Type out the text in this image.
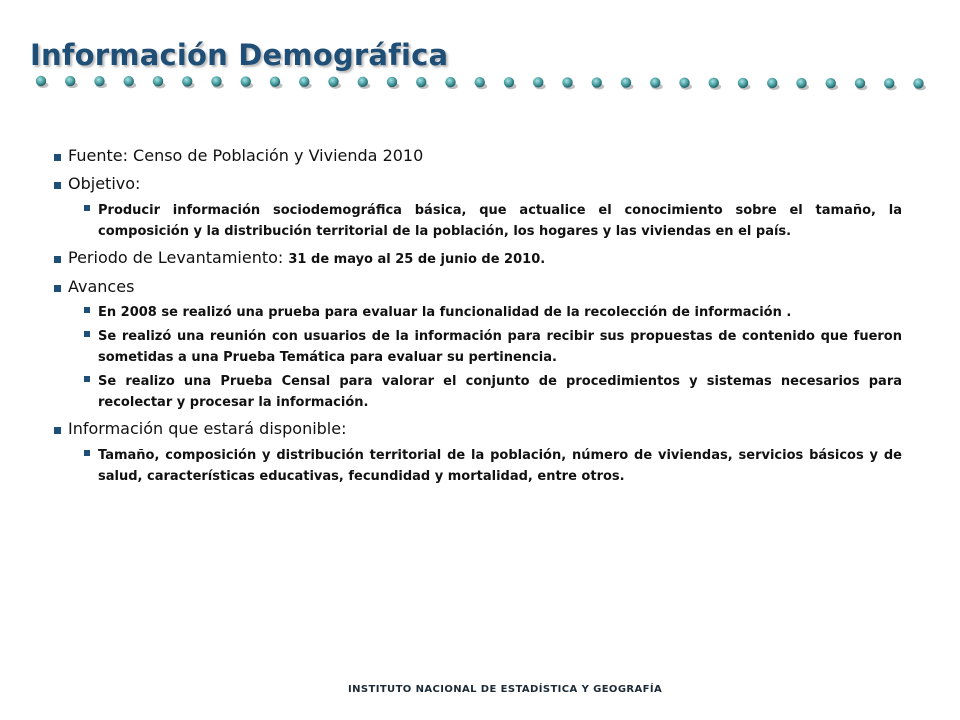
Información Demográfica
Fuente: Censo de Población y Vivienda 2010
Objetivo:
Producir información sociodemográfica básica, que actualice el conocimiento sobre el tamaño, la composición y la distribución territorial de la población, los hogares y las viviendas en el país.
Periodo de Levantamiento: 31 de mayo al 25 de junio de 2010.
Avances
En 2008 se realizó una prueba para evaluar la funcionalidad de la recolección de información .
Se realizó una reunión con usuarios de la información para recibir sus propuestas de contenido que fueron sometidas a una Prueba Temática para evaluar su pertinencia.
Se realizo una Prueba Censal para valorar el conjunto de procedimientos y sistemas necesarios para recolectar y procesar la información.
Información que estará disponible:
Tamaño, composición y distribución territorial de la población, número de viviendas, servicios básicos y de salud, características educativas, fecundidad y mortalidad, entre otros.
INSTITUTO NACIONAL DE ESTADÍSTICA Y GEOGRAFÍA
